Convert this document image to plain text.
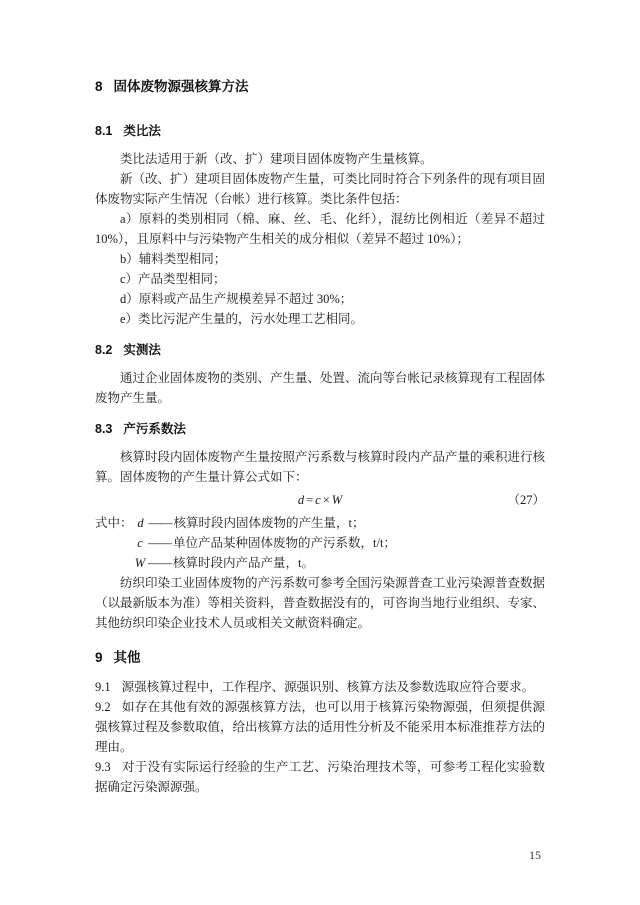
8 固体废物源强核算方法
8.1 类比法

类比法适用于新（改、扩）建项目固体废物产生量核算。

新（改、扩）建项目固体废物产生量，可类比同时符合下列条件的现有项目固体废物实际产生情况（台帐）进行核算。类比条件包括：

a）原料的类别相同（棉、麻、丝、毛、化纤），混纺比例相近（差异不超过 10%），且原料中与污染物产生相关的成分相似（差异不超过 10%）；

b）辅料类型相同；

c）产品类型相同；

d）原料或产品生产规模差异不超过 30%；

e）类比污泥产生量的，污水处理工艺相同。

8.2 实测法

通过企业固体废物的类别、产生量、处置、流向等台帐记录核算现有工程固体废物产生量。

8.3 产污系数法

核算时段内固体废物产生量按照产污系数与核算时段内产品产量的乘积进行核算。固体废物的产生量计算公式如下：

d = c × W	（27）

式中： d —— 核算时段内固体废物的产生量，t；

c —— 单位产品某种固体废物的产污系数，t/t；

W —— 核算时段内产品产量，t。

纺织印染工业固体废物的产污系数可参考全国污染源普查工业污染源普查数据（以最新版本为准）等相关资料，普查数据没有的，可咨询当地行业组织、专家、其他纺织印染企业技术人员或相关文献资料确定。

9 其他

9.1 源强核算过程中，工作程序、源强识别、核算方法及参数选取应符合要求。

9.2 如存在其他有效的源强核算方法，也可以用于核算污染物源强，但须提供源强核算过程及参数取值，给出核算方法的适用性分析及不能采用本标准推荐方法的理由。

9.3 对于没有实际运行经验的生产工艺、污染治理技术等，可参考工程化实验数据确定污染源源强。

15
